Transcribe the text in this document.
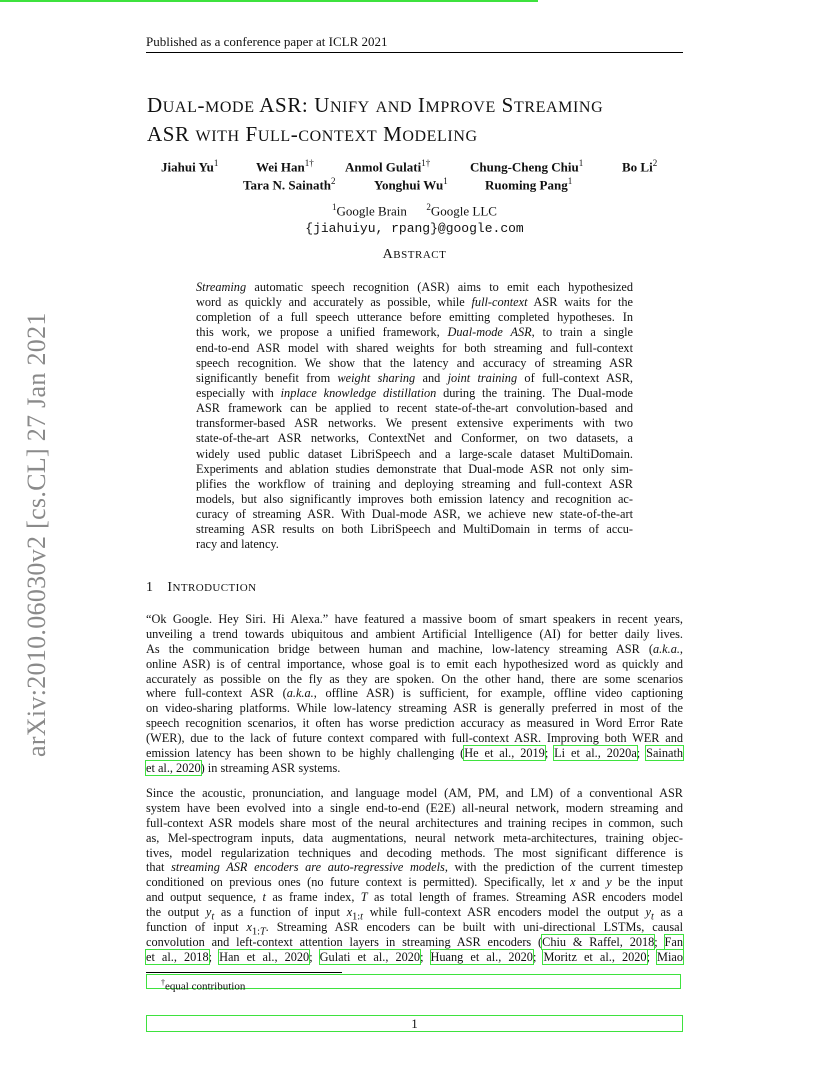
Published as a conference paper at ICLR 2021
DUAL-MODE ASR: UNIFY AND IMPROVE STREAMING
ASR WITH FULL-CONTEXT MODELING
Jiahui Yu$^1$	Wei Han$^{1\dagger}$ Anmol Gulati$^{1\dagger}$	Chung-Cheng Chiu$^1$	Bo Li$^2$
Tara N. Sainath$^2$	Yonghui Wu$^1$	Ruoming Pang$^1$
$^1$Google Brain $^2$Google LLC
{jiahuiyu, rpang}@google.com
ABSTRACT
Streaming automatic speech recognition (ASR) aims to emit each hypothesized
word as quickly and accurately as possible, while full-context ASR waits for the
completion of a full speech utterance before emitting completed hypotheses. In
this work, we propose a unified framework, Dual-mode ASR, to train a single
end-to-end ASR model with shared weights for both streaming and full-context
speech recognition. We show that the latency and accuracy of streaming ASR
significantly benefit from weight sharing and joint training of full-context ASR,
especially with inplace knowledge distillation during the training. The Dual-mode
ASR framework can be applied to recent state-of-the-art convolution-based and
transformer-based ASR networks. We present extensive experiments with two
state-of-the-art ASR networks, ContextNet and Conformer, on two datasets, a
widely used public dataset LibriSpeech and a large-scale dataset MultiDomain.
Experiments and ablation studies demonstrate that Dual-mode ASR not only sim-
plifies the workflow of training and deploying streaming and full-context ASR
models, but also significantly improves both emission latency and recognition ac-
curacy of streaming ASR. With Dual-mode ASR, we achieve new state-of-the-art
streaming ASR results on both LibriSpeech and MultiDomain in terms of accu-
racy and latency.
1 INTRODUCTION
“Ok Google. Hey Siri. Hi Alexa.” have featured a massive boom of smart speakers in recent years,
unveiling a trend towards ubiquitous and ambient Artificial Intelligence (AI) for better daily lives.
As the communication bridge between human and machine, low-latency streaming ASR (a.k.a.,
online ASR) is of central importance, whose goal is to emit each hypothesized word as quickly and
accurately as possible on the fly as they are spoken. On the other hand, there are some scenarios
where full-context ASR (a.k.a., offline ASR) is sufficient, for example, offline video captioning
on video-sharing platforms. While low-latency streaming ASR is generally preferred in most of the
speech recognition scenarios, it often has worse prediction accuracy as measured in Word Error Rate
(WER), due to the lack of future context compared with full-context ASR. Improving both WER and
emission latency has been shown to be highly challenging (He et al., 2019; Li et al., 2020a; Sainath
et al., 2020) in streaming ASR systems.
Since the acoustic, pronunciation, and language model (AM, PM, and LM) of a conventional ASR
system have been evolved into a single end-to-end (E2E) all-neural network, modern streaming and
full-context ASR models share most of the neural architectures and training recipes in common, such
as, Mel-spectrogram inputs, data augmentations, neural network meta-architectures, training objec-
tives, model regularization techniques and decoding methods. The most significant difference is
that streaming ASR encoders are auto-regressive models, with the prediction of the current timestep
conditioned on previous ones (no future context is permitted). Specifically, let x and y be the input
and output sequence, t as frame index, T as total length of frames. Streaming ASR encoders model
the output $y_t$ as a function of input $x_{1:t}$ while full-context ASR encoders model the output $y_t$ as a
function of input $x_{1:T}$. Streaming ASR encoders can be built with uni-directional LSTMs, causal
convolution and left-context attention layers in streaming ASR encoders (Chiu & Raffel, 2018; Fan
et al., 2018; Han et al., 2020; Gulati et al., 2020; Huang et al., 2020; Moritz et al., 2020; Miao
†equal contribution
1
arXiv:2010.06030v2 [cs.CL] 27 Jan 2021
